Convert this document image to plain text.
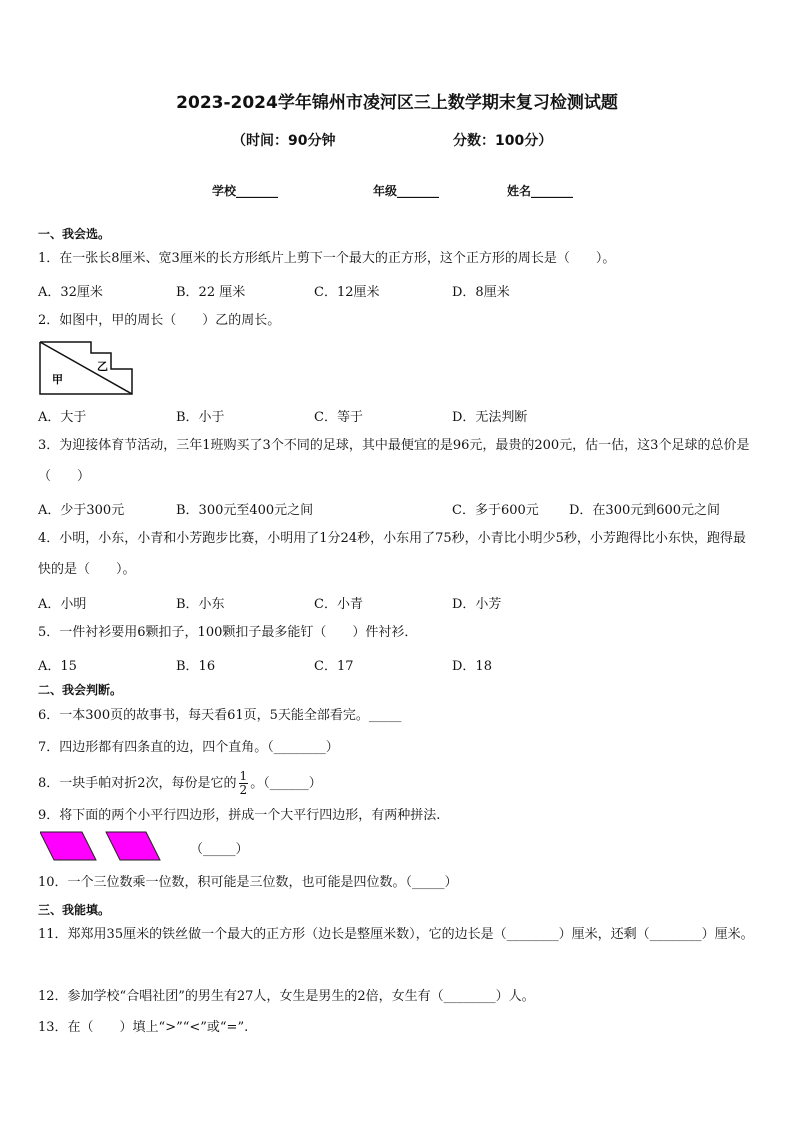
2023-2024学年锦州市凌河区三上数学期末复习检测试题
（时间：90分钟	分数：100分）
学校_______	年级_______	姓名_______
一、我会选。
1．在一张长8厘米、宽3厘米的长方形纸片上剪下一个最大的正方形，这个正方形的周长是（　　）。
A．32厘米	B．22 厘米	C．12厘米	D．8厘米
2．如图中，甲的周长（　　）乙的周长。
甲
乙
A．大于	B．小于	C．等于	D．无法判断
3．为迎接体育节活动，三年1班购买了3个不同的足球，其中最便宜的是96元，最贵的200元，估一估，这3个足球的总价是（　　）
A．少于300元	B．300元至400元之间	C．多于600元 D．在300元到600元之间
4．小明，小东，小青和小芳跑步比赛，小明用了1分24秒，小东用了75秒，小青比小明少5秒，小芳跑得比小东快，跑得最快的是（　　）。
A．小明	B．小东	C．小青	D．小芳
5．一件衬衫要用6颗扣子，100颗扣子最多能钉（　　）件衬衫．
A．15	B．16	C．17	D．18
二、我会判断。
6．一本300页的故事书，每天看61页，5天能全部看完。_____
7．四边形都有四条直的边，四个直角。（________）
8．一块手帕对折2次，每份是它的 $\frac{1}{2}$ 。（______）
9．将下面的两个小平行四边形，拼成一个大平行四边形，有两种拼法.
（_____）
10．一个三位数乘一位数，积可能是三位数，也可能是四位数。（_____）
三、我能填。
11．郑郑用35厘米的铁丝做一个最大的正方形（边长是整厘米数），它的边长是（________）厘米，还剩（________）厘米。
12．参加学校“合唱社团”的男生有27人，女生是男生的2倍，女生有（________）人。
13．在（　　）填上“>”“<”或“=”.
